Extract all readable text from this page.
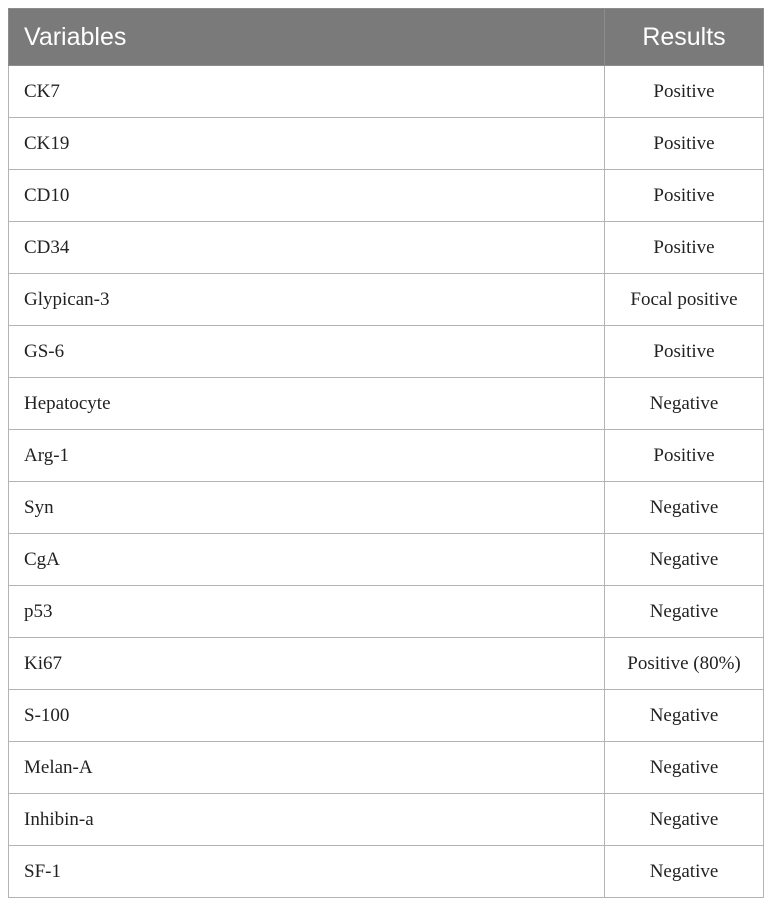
Variables	Results
CK7	Positive
CK19	Positive
CD10	Positive
CD34	Positive
Glypican-3	Focal positive
GS-6	Positive
Hepatocyte	Negative
Arg-1	Positive
Syn	Negative
CgA	Negative
p53	Negative
Ki67	Positive (80%)
S-100	Negative
Melan-A	Negative
Inhibin-a	Negative
SF-1	Negative
